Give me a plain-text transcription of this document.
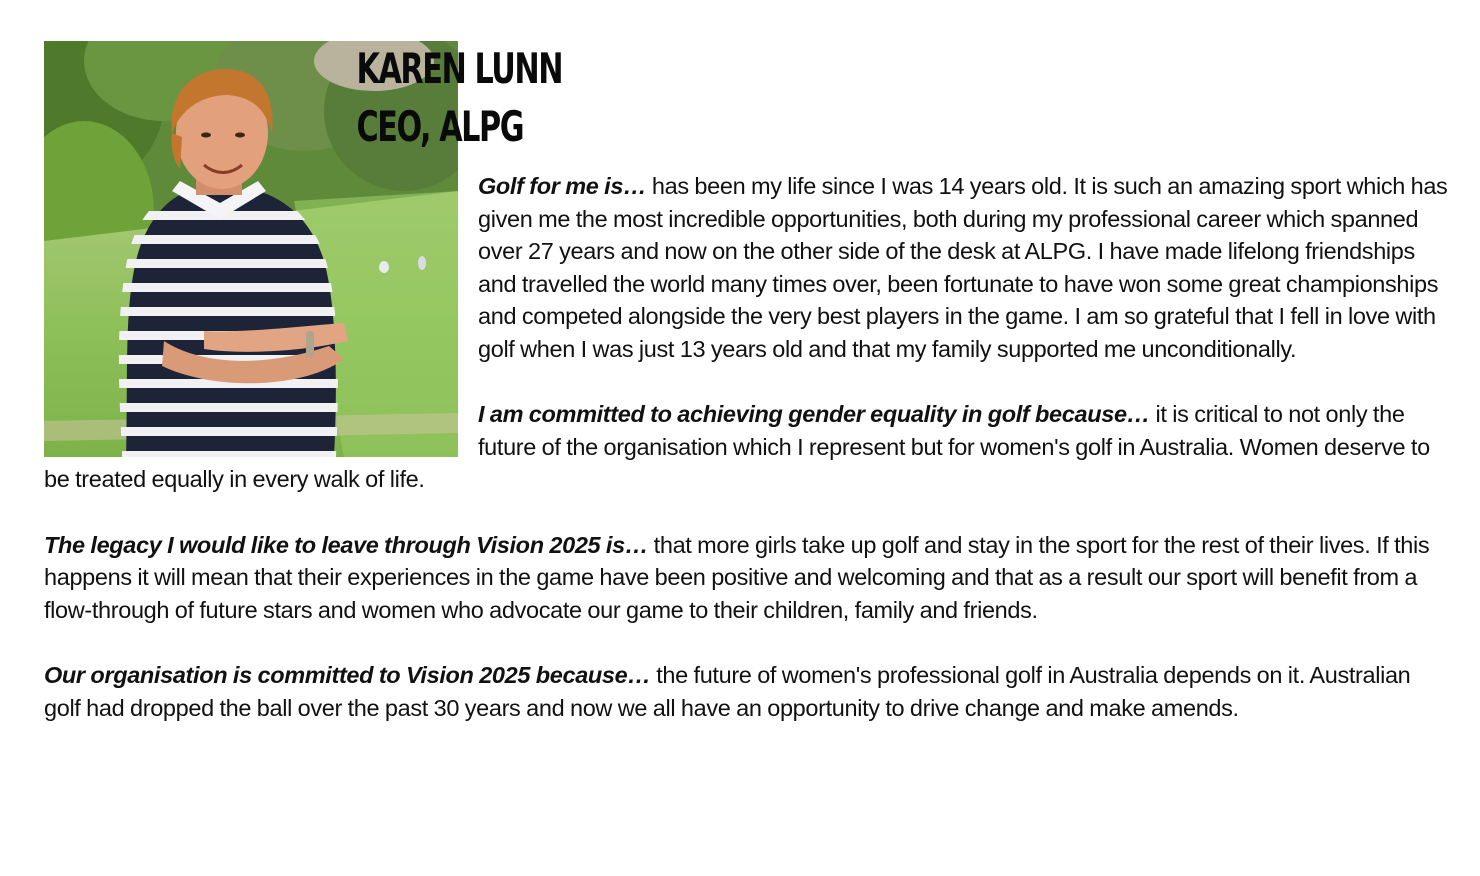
KAREN LUNN
CEO, ALPG

Golf for me is… has been my life since I was 14 years old. It is such an amazing sport which has given me the most incredible opportunities, both during my professional career which spanned over 27 years and now on the other side of the desk at ALPG. I have made lifelong friendships and travelled the world many times over, been fortunate to have won some great championships and competed alongside the very best players in the game. I am so grateful that I fell in love with golf when I was just 13 years old and that my family supported me unconditionally.

I am committed to achieving gender equality in golf because… it is critical to not only the future of the organisation which I represent but for women's golf in Australia. Women deserve to be treated equally in every walk of life.

The legacy I would like to leave through Vision 2025 is… that more girls take up golf and stay in the sport for the rest of their lives. If this happens it will mean that their experiences in the game have been positive and welcoming and that as a result our sport will benefit from a flow-through of future stars and women who advocate our game to their children, family and friends.

Our organisation is committed to Vision 2025 because… the future of women's professional golf in Australia depends on it. Australian golf had dropped the ball over the past 30 years and now we all have an opportunity to drive change and make amends.
